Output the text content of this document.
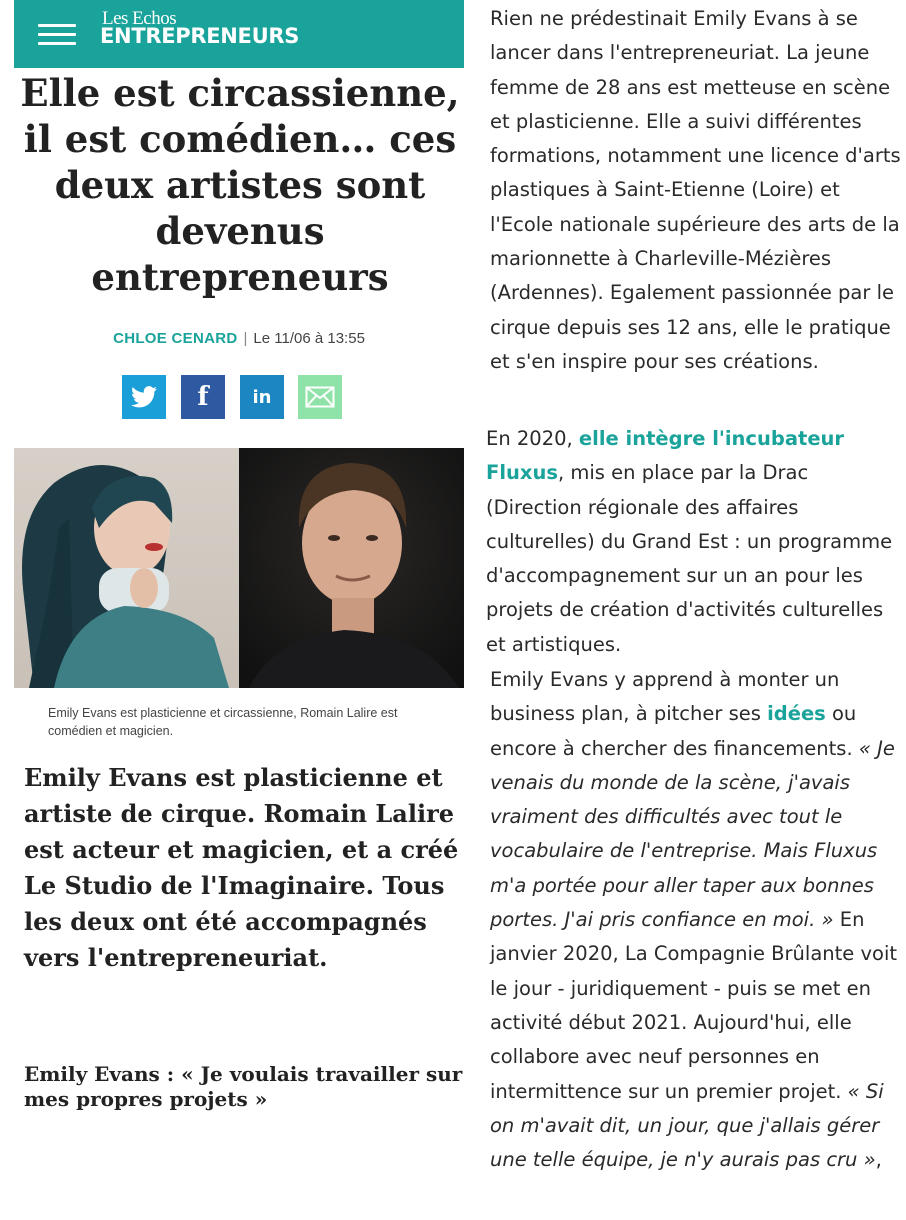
Les Echos
ENTREPRENEURS
Elle est circassienne, il est comédien… ces deux artistes sont devenus entrepreneurs
CHLOE CENARD | Le 11/06 à 13:55
f in

Emily Evans est plasticienne et circassienne, Romain Lalire est comédien et magicien.

Emily Evans est plasticienne et artiste de cirque. Romain Lalire est acteur et magicien, et a créé Le Studio de l'Imaginaire. Tous les deux ont été accompagnés vers l'entrepreneuriat.

Emily Evans : « Je voulais travailler sur mes propres projets »

Rien ne prédestinait Emily Evans à se lancer dans l'entrepreneuriat. La jeune femme de 28 ans est metteuse en scène et plasticienne. Elle a suivi différentes formations, notamment une licence d'arts plastiques à Saint-Etienne (Loire) et l'Ecole nationale supérieure des arts de la marionnette à Charleville-Mézières (Ardennes). Egalement passionnée par le cirque depuis ses 12 ans, elle le pratique et s'en inspire pour ses créations.

En 2020, elle intègre l'incubateur Fluxus, mis en place par la Drac (Direction régionale des affaires culturelles) du Grand Est : un programme d'accompagnement sur un an pour les projets de création d'activités culturelles et artistiques.

Emily Evans y apprend à monter un business plan, à pitcher ses idées ou encore à chercher des financements. « Je venais du monde de la scène, j'avais vraiment des difficultés avec tout le vocabulaire de l'entreprise. Mais Fluxus m'a portée pour aller taper aux bonnes portes. J'ai pris confiance en moi. » En janvier 2020, La Compagnie Brûlante voit le jour - juridiquement - puis se met en activité début 2021. Aujourd'hui, elle collabore avec neuf personnes en intermittence sur un premier projet. « Si on m'avait dit, un jour, que j'allais gérer une telle équipe, je n'y aurais pas cru »,
